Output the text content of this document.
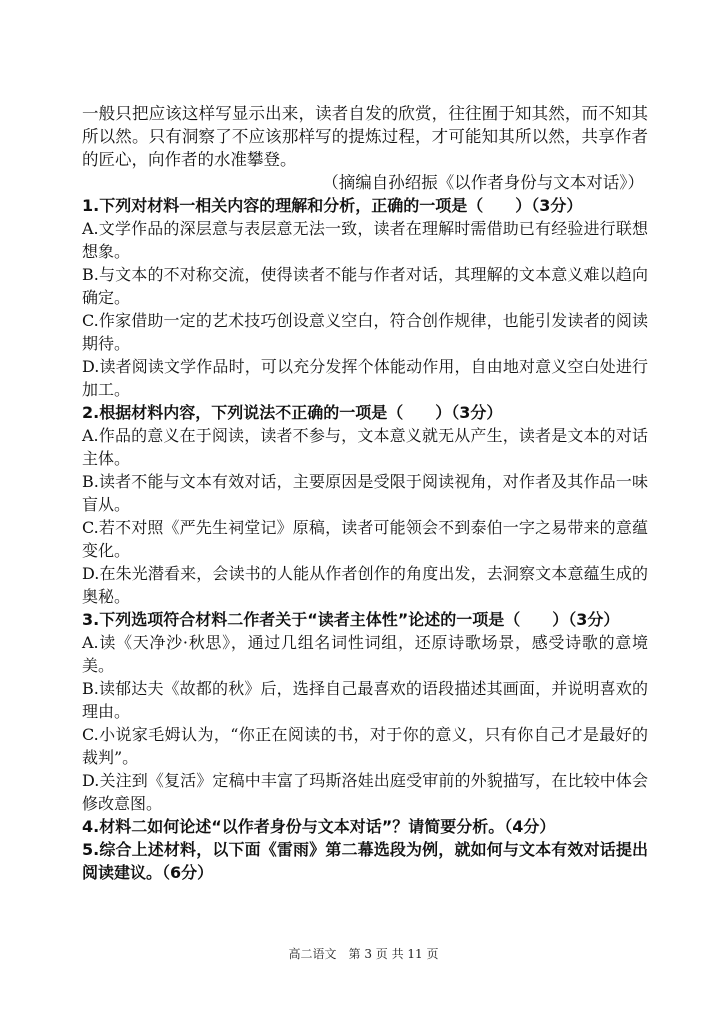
一般只把应该这样写显示出来，读者自发的欣赏，往往囿于知其然，而不知其所以然。只有洞察了不应该那样写的提炼过程，才可能知其所以然，共享作者的匠心，向作者的水准攀登。

（摘编自孙绍振《以作者身份与文本对话》）

1.下列对材料一相关内容的理解和分析，正确的一项是（　　）（3分）

A.文学作品的深层意与表层意无法一致，读者在理解时需借助已有经验进行联想想象。

B.与文本的不对称交流，使得读者不能与作者对话，其理解的文本意义难以趋向确定。

C.作家借助一定的艺术技巧创设意义空白，符合创作规律，也能引发读者的阅读期待。

D.读者阅读文学作品时，可以充分发挥个体能动作用，自由地对意义空白处进行加工。

2.根据材料内容，下列说法不正确的一项是（　　）（3分）

A.作品的意义在于阅读，读者不参与，文本意义就无从产生，读者是文本的对话主体。

B.读者不能与文本有效对话，主要原因是受限于阅读视角，对作者及其作品一味盲从。

C.若不对照《严先生祠堂记》原稿，读者可能领会不到泰伯一字之易带来的意蕴变化。

D.在朱光潜看来，会读书的人能从作者创作的角度出发，去洞察文本意蕴生成的奥秘。

3.下列选项符合材料二作者关于“读者主体性”论述的一项是（　　）（3分）

A.读《天净沙·秋思》，通过几组名词性词组，还原诗歌场景，感受诗歌的意境美。

B.读郁达夫《故都的秋》后，选择自己最喜欢的语段描述其画面，并说明喜欢的理由。

C.小说家毛姆认为，“你正在阅读的书，对于你的意义，只有你自己才是最好的裁判”。

D.关注到《复活》定稿中丰富了玛斯洛娃出庭受审前的外貌描写，在比较中体会修改意图。

4.材料二如何论述“以作者身份与文本对话”？请简要分析。（4分）

5.综合上述材料，以下面《雷雨》第二幕选段为例，就如何与文本有效对话提出阅读建议。（6分）

高二语文　第 3 页 共 11 页
